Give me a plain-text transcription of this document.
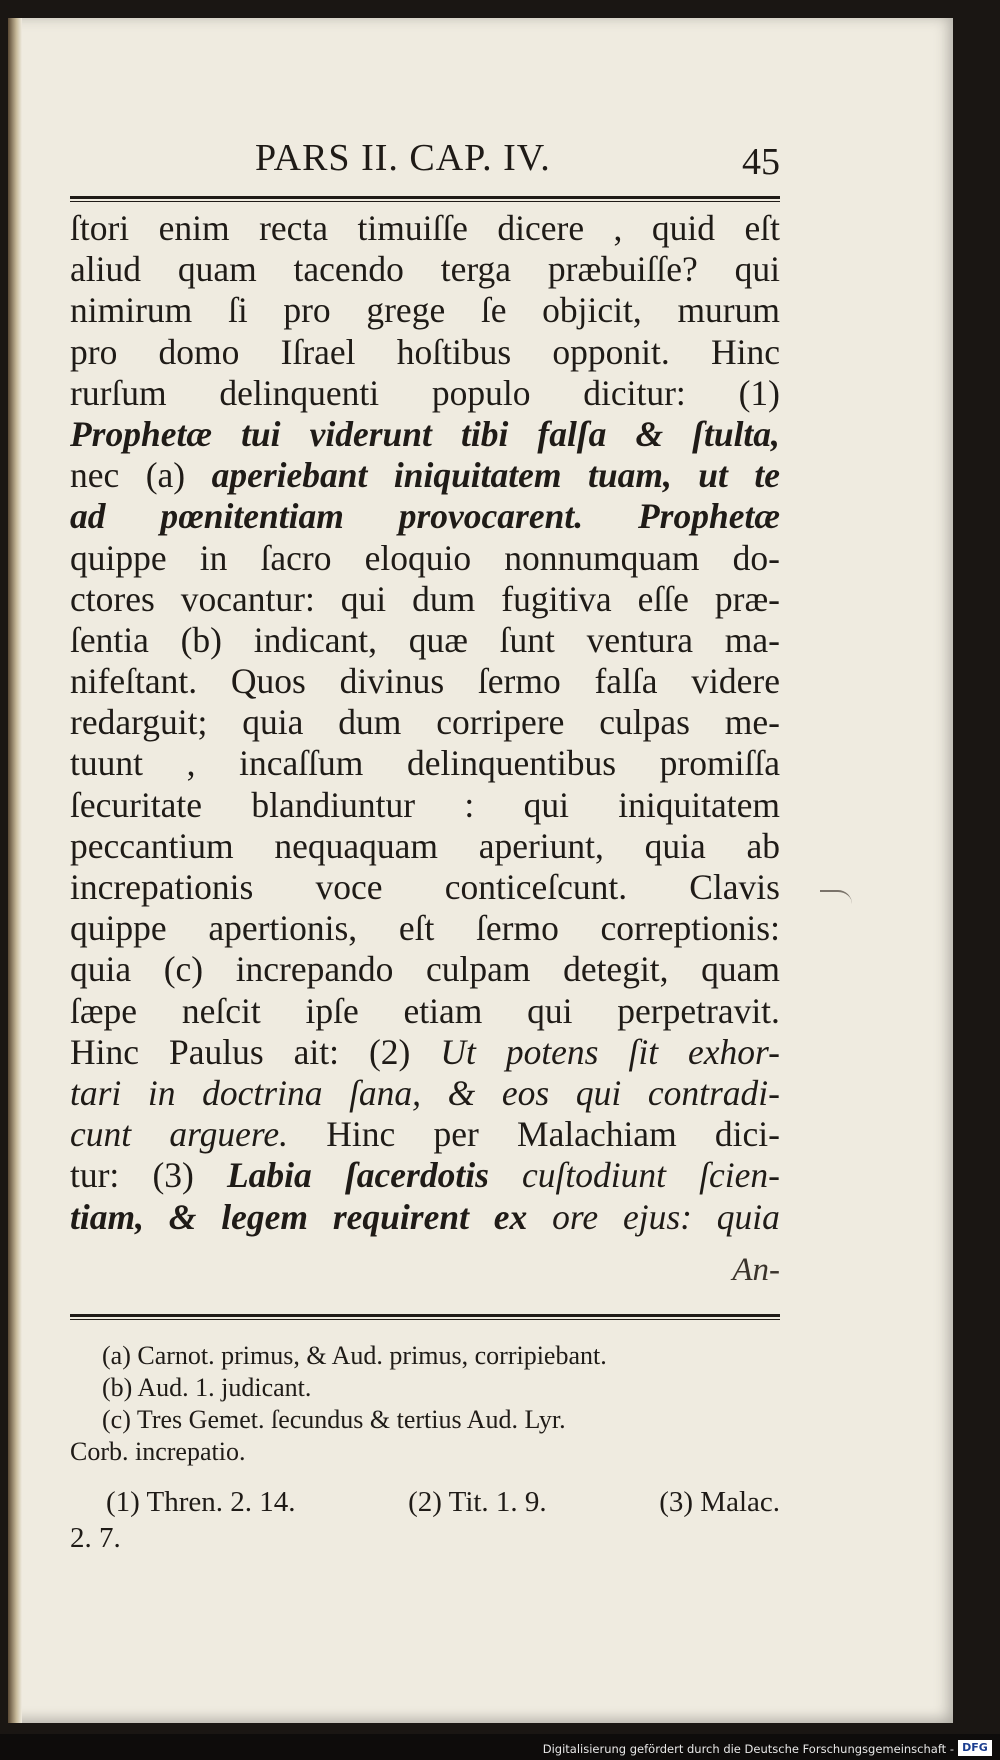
PARS II. CAP. IV.	45
ſtori enim recta timuiſſe dicere , quid eſt
aliud quam tacendo terga præbuiſſe? qui
nimirum ſi pro grege ſe objicit, murum
pro domo Iſrael hoſtibus opponit. Hinc
rurſum delinquenti populo dicitur: (1)
Prophetæ tui viderunt tibi falſa & ſtulta,
nec (a) aperiebant iniquitatem tuam, ut te
ad pœnitentiam provocarent. Prophetæ
quippe in ſacro eloquio nonnumquam do-
ctores vocantur: qui dum fugitiva eſſe præ-
ſentia (b) indicant, quæ ſunt ventura ma-
nifeſtant. Quos divinus ſermo falſa videre
redarguit; quia dum corripere culpas me-
tuunt , incaſſum delinquentibus promiſſa
ſecuritate blandiuntur : qui iniquitatem
peccantium nequaquam aperiunt, quia ab
increpationis voce conticeſcunt. Clavis
quippe apertionis, eſt ſermo correptionis:
quia (c) increpando culpam detegit, quam
ſæpe neſcit ipſe etiam qui perpetravit.
Hinc Paulus ait: (2) Ut potens ſit exhor-
tari in doctrina ſana, & eos qui contradi-
cunt arguere. Hinc per Malachiam dici-
tur: (3) Labia ſacerdotis cuſtodiunt ſcien-
tiam, & legem requirent ex ore ejus: quia
An-
(a) Carnot. primus, & Aud. primus, corripiebant.
(b) Aud. 1. judicant.
(c) Tres Gemet. ſecundus & tertius Aud. Lyr.
Corb. increpatio.
(1) Thren. 2. 14.	(2) Tit. 1. 9.	(3) Malac.
2. 7.
Digitalisierung gefördert durch die Deutsche Forschungsgemeinschaft - DFG
